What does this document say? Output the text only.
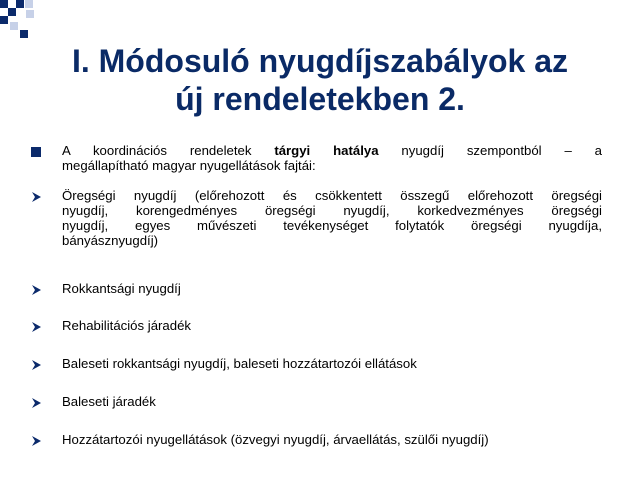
I. Módosuló nyugdíjszabályok az
új rendeletekben 2.
A koordinációs rendeletek tárgyi hatálya nyugdíj szempontból – a
megállapítható magyar nyugellátások fajtái:
Öregségi nyugdíj (előrehozott és csökkentett összegű előrehozott öregségi
nyugdíj, korengedményes öregségi nyugdíj, korkedvezményes öregségi
nyugdíj, egyes művészeti tevékenységet folytatók öregségi nyugdíja,
bányásznyugdíj)
Rokkantsági nyugdíj
Rehabilitációs járadék
Baleseti rokkantsági nyugdíj, baleseti hozzátartozói ellátások
Baleseti járadék
Hozzátartozói nyugellátások (özvegyi nyugdíj, árvaellátás, szülői nyugdíj)
